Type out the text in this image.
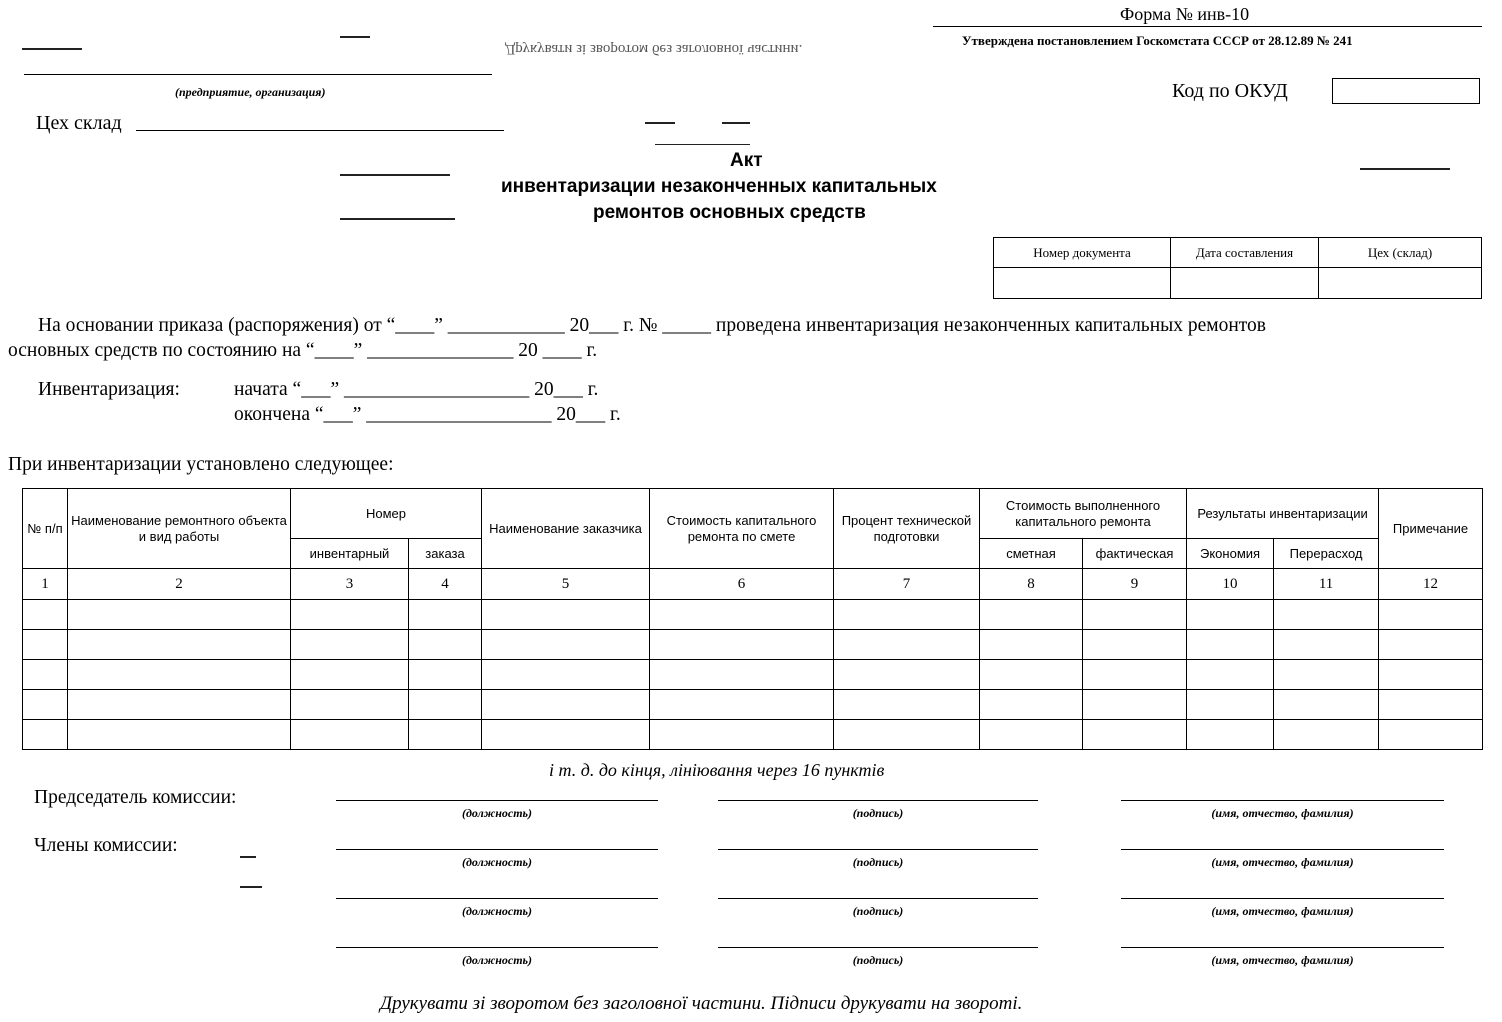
Форма № инв-10
Утверждена постановлением Госкомстата СССР от 28.12.89 № 241
Друкувати зі зворотом без заголовної частини.
(предприятие, организация)	Код по ОКУД
Цех склад
Акт
инвентаризации незаконченных капитальных
ремонтов основных средств
Номер документа	Дата составления	Цех (склад)

На основании приказа (распоряжения) от “____” ____________ 20___ г. № _____ проведена инвентаризация незаконченных капитальных ремонтов
основных средств по состоянию на “____” _______________ 20 ____ г.
Инвентаризация:	начата “___” ___________________ 20___ г.
окончена “___” ___________________ 20___ г.
При инвентаризации установлено следующее:
№ п/п	Наименование ремонтного объекта и вид работы	Номер		Наименование заказчика	Стоимость капитального ремонта по смете	Процент технической подготовки	Стоимость выполненного капитального ремонта		Результаты инвентаризации		Примечание
		инвентарный	заказа				сметная	фактическая	Экономия	Перерасход	
1	2	3	4	5	6	7	8	9	10	11	12

і т. д. до кінця, лініювання через 16 пунктів
Председатель комиссии:
Члены комиссии:
(должность)	(подпись)	(имя, отчество, фамилия)
(должность)	(подпись)	(имя, отчество, фамилия)
(должность)	(подпись)	(имя, отчество, фамилия)
(должность)	(подпись)	(имя, отчество, фамилия)
Друкувати зі зворотом без заголовної частини. Підписи друкувати на звороті.
